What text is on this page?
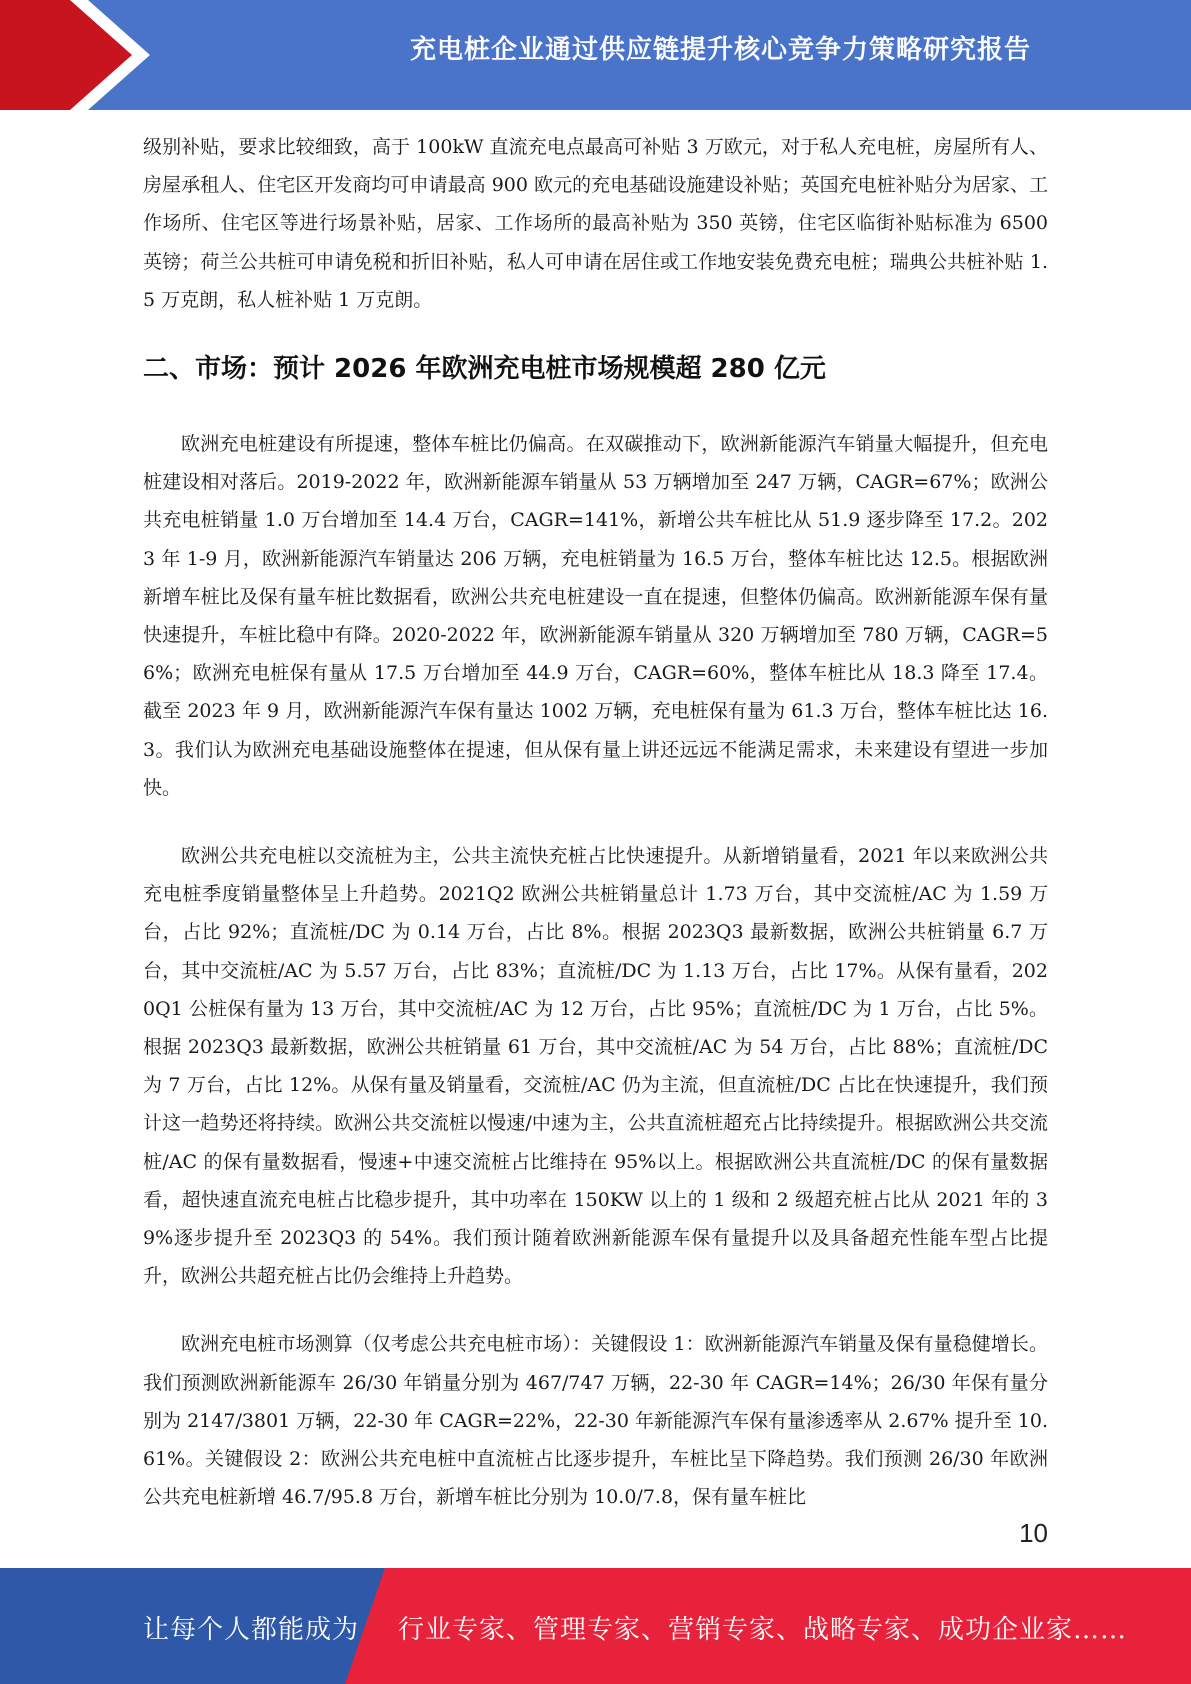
充电桩企业通过供应链提升核心竞争力策略研究报告

级别补贴，要求比较细致，高于 100kW 直流充电点最高可补贴 3 万欧元，对于私人充电桩，房屋所有人、房屋承租人、住宅区开发商均可申请最高 900 欧元的充电基础设施建设补贴；英国充电桩补贴分为居家、工作场所、住宅区等进行场景补贴，居家、工作场所的最高补贴为 350 英镑，住宅区临街补贴标准为 6500 英镑；荷兰公共桩可申请免税和折旧补贴，私人可申请在居住或工作地安装免费充电桩；瑞典公共桩补贴 1.5 万克朗，私人桩补贴 1 万克朗。

二、市场：预计 2026 年欧洲充电桩市场规模超 280 亿元

欧洲充电桩建设有所提速，整体车桩比仍偏高。在双碳推动下，欧洲新能源汽车销量大幅提升，但充电桩建设相对落后。2019-2022 年，欧洲新能源车销量从 53 万辆增加至 247 万辆，CAGR=67%；欧洲公共充电桩销量 1.0 万台增加至 14.4 万台，CAGR=141%，新增公共车桩比从 51.9 逐步降至 17.2。2023 年 1-9 月，欧洲新能源汽车销量达 206 万辆，充电桩销量为 16.5 万台，整体车桩比达 12.5。根据欧洲新增车桩比及保有量车桩比数据看，欧洲公共充电桩建设一直在提速，但整体仍偏高。欧洲新能源车保有量快速提升，车桩比稳中有降。2020-2022 年，欧洲新能源车销量从 320 万辆增加至 780 万辆，CAGR=56%；欧洲充电桩保有量从 17.5 万台增加至 44.9 万台，CAGR=60%，整体车桩比从 18.3 降至 17.4。截至 2023 年 9 月，欧洲新能源汽车保有量达 1002 万辆，充电桩保有量为 61.3 万台，整体车桩比达 16.3。我们认为欧洲充电基础设施整体在提速，但从保有量上讲还远远不能满足需求，未来建设有望进一步加快。

欧洲公共充电桩以交流桩为主，公共主流快充桩占比快速提升。从新增销量看，2021 年以来欧洲公共充电桩季度销量整体呈上升趋势。2021Q2 欧洲公共桩销量总计 1.73 万台，其中交流桩/AC 为 1.59 万台，占比 92%；直流桩/DC 为 0.14 万台，占比 8%。根据 2023Q3 最新数据，欧洲公共桩销量 6.7 万台，其中交流桩/AC 为 5.57 万台，占比 83%；直流桩/DC 为 1.13 万台，占比 17%。从保有量看，2020Q1 公桩保有量为 13 万台，其中交流桩/AC 为 12 万台，占比 95%；直流桩/DC 为 1 万台，占比 5%。根据 2023Q3 最新数据，欧洲公共桩销量 61 万台，其中交流桩/AC 为 54 万台，占比 88%；直流桩/DC 为 7 万台，占比 12%。从保有量及销量看，交流桩/AC 仍为主流，但直流桩/DC 占比在快速提升，我们预计这一趋势还将持续。欧洲公共交流桩以慢速/中速为主，公共直流桩超充占比持续提升。根据欧洲公共交流桩/AC 的保有量数据看，慢速+中速交流桩占比维持在 95%以上。根据欧洲公共直流桩/DC 的保有量数据看，超快速直流充电桩占比稳步提升，其中功率在 150KW 以上的 1 级和 2 级超充桩占比从 2021 年的 39%逐步提升至 2023Q3 的 54%。我们预计随着欧洲新能源车保有量提升以及具备超充性能车型占比提升，欧洲公共超充桩占比仍会维持上升趋势。

欧洲充电桩市场测算（仅考虑公共充电桩市场）：关键假设 1：欧洲新能源汽车销量及保有量稳健增长。我们预测欧洲新能源车 26/30 年销量分别为 467/747 万辆，22-30 年 CAGR=14%；26/30 年保有量分别为 2147/3801 万辆，22-30 年 CAGR=22%，22-30 年新能源汽车保有量渗透率从 2.67% 提升至 10.61%。关键假设 2：欧洲公共充电桩中直流桩占比逐步提升，车桩比呈下降趋势。我们预测 26/30 年欧洲公共充电桩新增 46.7/95.8 万台，新增车桩比分别为 10.0/7.8，保有量车桩比

10
让每个人都能成为 行业专家、管理专家、营销专家、战略专家、成功企业家……
